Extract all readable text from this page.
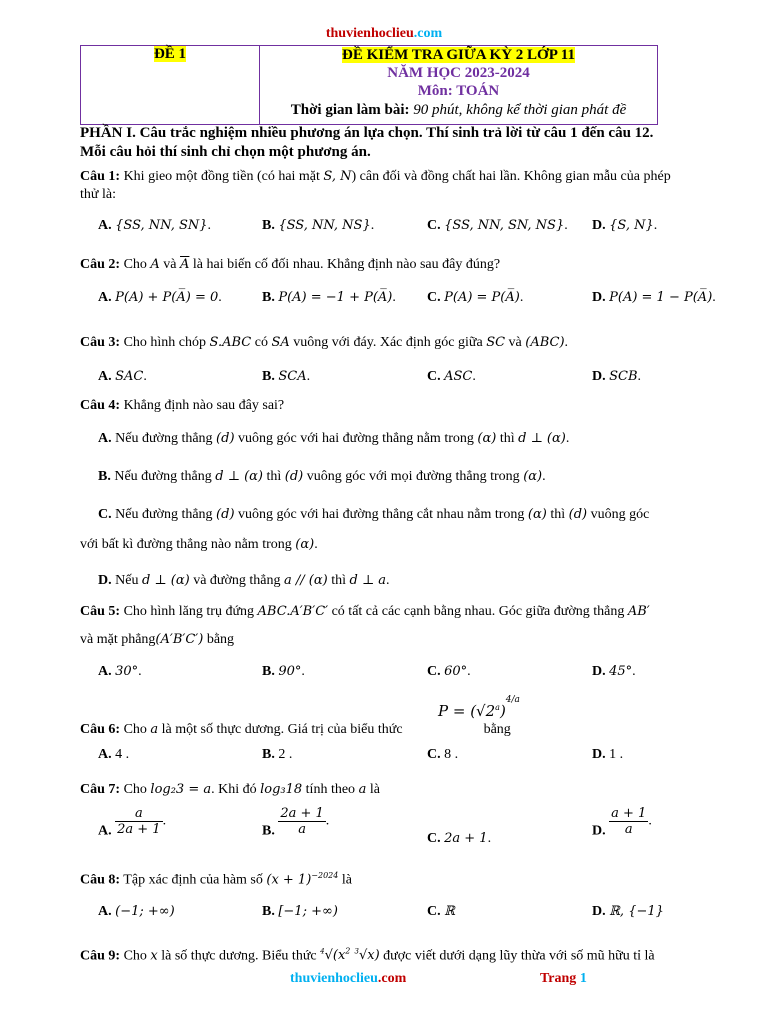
thuvienhoclieu.com
ĐỀ 1	ĐỀ KIỂM TRA GIỮA KỲ 2 LỚP 11
NĂM HỌC 2023-2024
Môn: TOÁN
Thời gian làm bài: 90 phút, không kể thời gian phát đề
PHẦN I. Câu trắc nghiệm nhiều phương án lựa chọn. Thí sinh trả lời từ câu 1 đến câu 12.
Mỗi câu hỏi thí sinh chỉ chọn một phương án.
Câu 1: Khi gieo một đồng tiền (có hai mặt S, N) cân đối và đồng chất hai lần. Không gian mẫu của phép
thử là:
A. {SS, NN, SN}.	B. {SS, NN, NS}.	C. {SS, NN, SN, NS}. D. {S, N}.
Câu 2: Cho A và $\overline{A}$ là hai biến cố đối nhau. Khẳng định nào sau đây đúng?
A. P(A) + P(A̅) = 0.	B. P(A) = −1 + P(A̅). C. P(A) = P(A̅).	D. P(A) = 1 − P(A̅).
Câu 3: Cho hình chóp S.ABC có SA vuông với đáy. Xác định góc giữa SC và (ABC).
A. SAC.	B. SCA.	C. ASC.	D. SCB.
Câu 4: Khẳng định nào sau đây sai?
A. Nếu đường thẳng (d) vuông góc với hai đường thẳng nằm trong (α) thì d ⊥ (α).
B. Nếu đường thẳng d ⊥ (α) thì (d) vuông góc với mọi đường thẳng trong (α).
C. Nếu đường thẳng (d) vuông góc với hai đường thẳng cắt nhau nằm trong (α) thì (d) vuông góc
với bất kì đường thẳng nào nằm trong (α).
D. Nếu d ⊥ (α) và đường thẳng a // (α) thì d ⊥ a.
Câu 5: Cho hình lăng trụ đứng ABC.A′B′C′ có tất cả các cạnh bằng nhau. Góc giữa đường thẳng AB′
và mặt phẳng(A′B′C′) bằng
A. 30°.	B. 90°.	C. 60°.	D. 45°.
Câu 6: Cho a là một số thực dương. Giá trị của biểu thức	bằng
$P = (√2^a)^{4/a}$
A. 4 .	B. 2 .	C. 8 .	D. 1 .
Câu 7: Cho log₂3 = a. Khi đó log₃18 tính theo a là
A. $\frac{a}{2a + 1}$ .
B. $\frac{2a + 1}{a}$ .
C. 2a + 1.	D. $\frac{a + 1}{a}$ .
Câu 8: Tập xác định của hàm số $(x + 1)^{-2024}$ là
A. (−1; +∞)	B. [−1; +∞)	C. ℝ	D. ℝ, {−1}
Câu 9: Cho x là số thực dương. Biểu thức $^4√(x^2$ $^3$√x) được viết dưới dạng lũy thừa với số mũ hữu tỉ là
thuvienhoclieu.com	Trang 1
